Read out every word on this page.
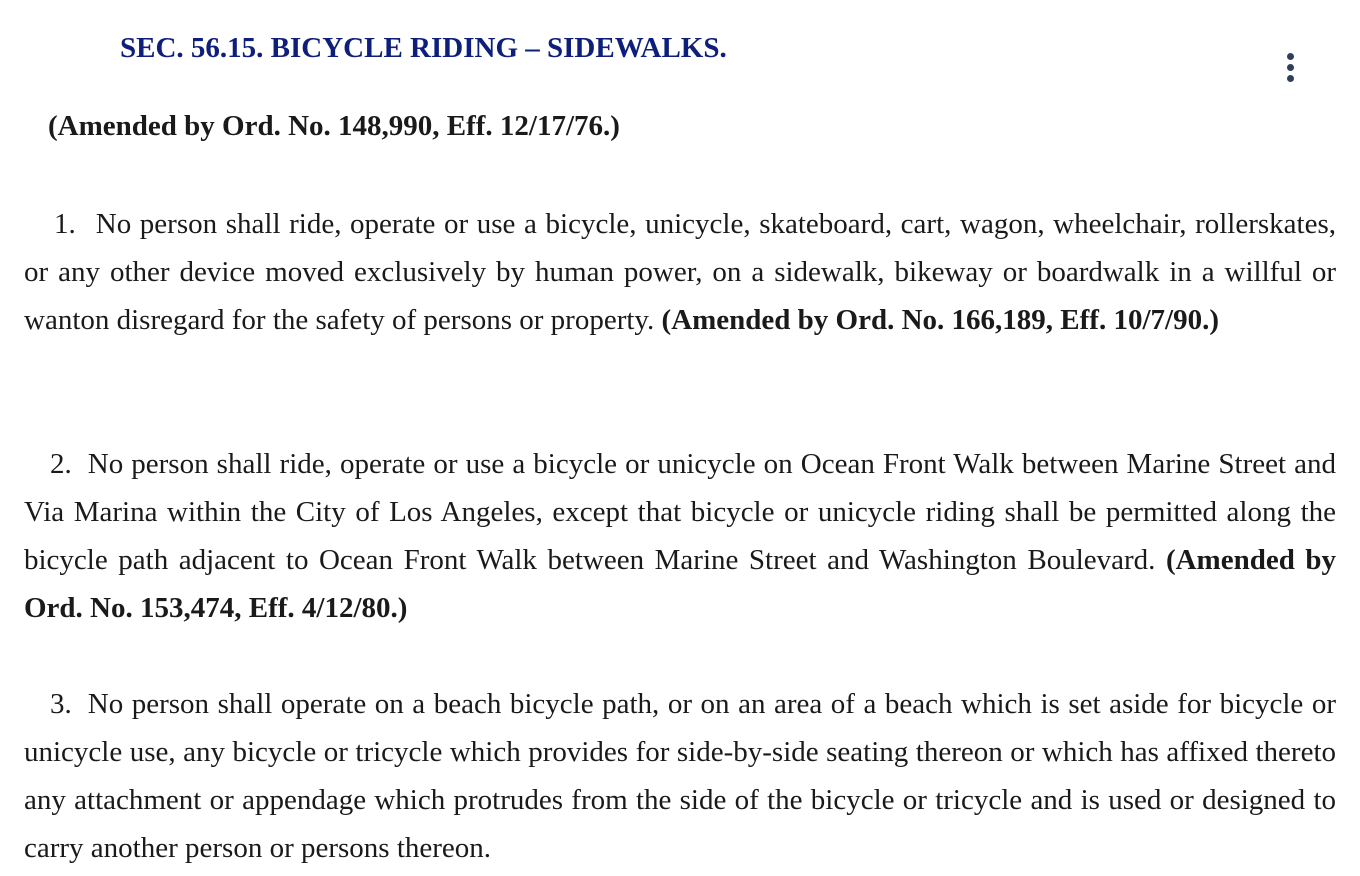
SEC. 56.15. BICYCLE RIDING – SIDEWALKS.

(Amended by Ord. No. 148,990, Eff. 12/17/76.)

1. No person shall ride, operate or use a bicycle, unicycle, skateboard, cart, wagon, wheelchair, rollerskates, or any other device moved exclusively by human power, on a sidewalk, bikeway or boardwalk in a willful or wanton disregard for the safety of persons or property. (Amended by Ord. No. 166,189, Eff. 10/7/90.)

2. No person shall ride, operate or use a bicycle or unicycle on Ocean Front Walk between Marine Street and Via Marina within the City of Los Angeles, except that bicycle or unicycle riding shall be permitted along the bicycle path adjacent to Ocean Front Walk between Marine Street and Washington Boulevard. (Amended by Ord. No. 153,474, Eff. 4/12/80.)

3. No person shall operate on a beach bicycle path, or on an area of a beach which is set aside for bicycle or unicycle use, any bicycle or tricycle which provides for side-by-side seating thereon or which has affixed thereto any attachment or appendage which protrudes from the side of the bicycle or tricycle and is used or designed to carry another person or persons thereon.
